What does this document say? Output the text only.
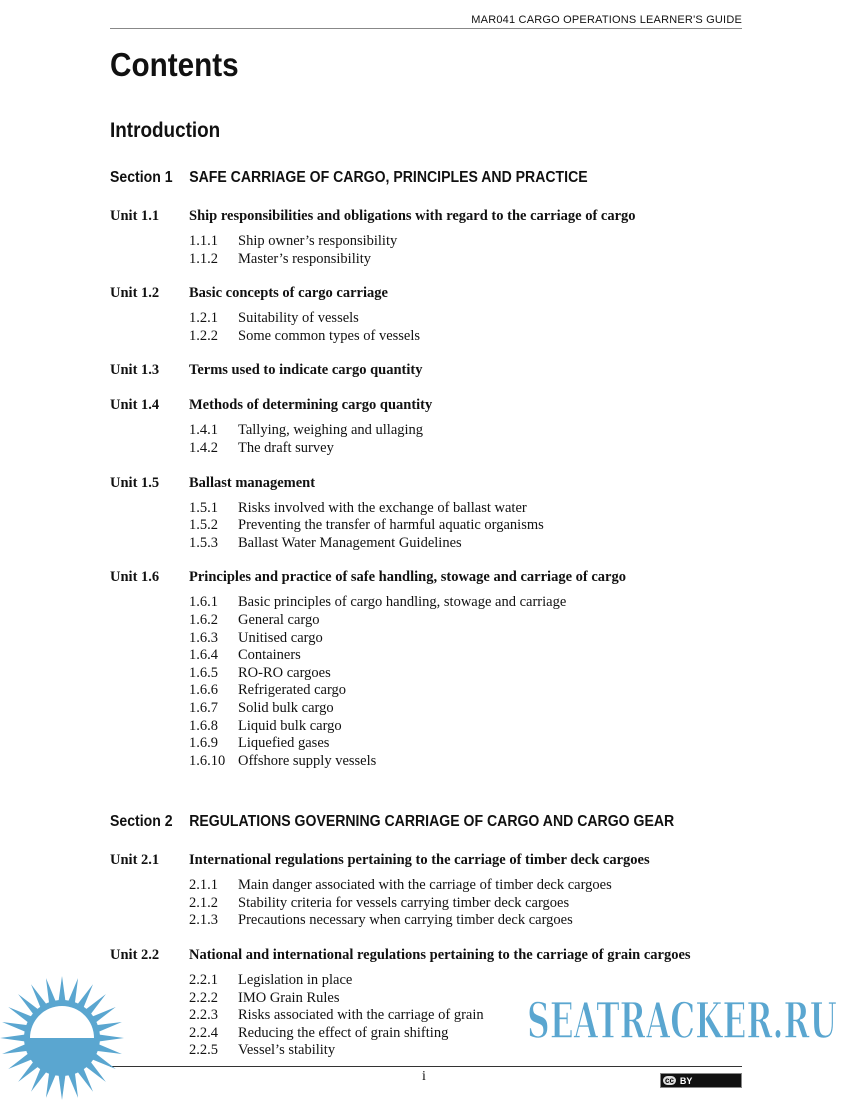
MAR041 CARGO OPERATIONS LEARNER'S GUIDE
Contents
Introduction
Section 1 SAFE CARRIAGE OF CARGO, PRINCIPLES AND PRACTICE
Unit 1.1 Ship responsibilities and obligations with regard to the carriage of cargo
1.1.1 Ship owner’s responsibility
1.1.2 Master’s responsibility
Unit 1.2 Basic concepts of cargo carriage
1.2.1 Suitability of vessels
1.2.2 Some common types of vessels
Unit 1.3 Terms used to indicate cargo quantity
Unit 1.4 Methods of determining cargo quantity
1.4.1 Tallying, weighing and ullaging
1.4.2 The draft survey
Unit 1.5 Ballast management
1.5.1 Risks involved with the exchange of ballast water
1.5.2 Preventing the transfer of harmful aquatic organisms
1.5.3 Ballast Water Management Guidelines
Unit 1.6 Principles and practice of safe handling, stowage and carriage of cargo
1.6.1 Basic principles of cargo handling, stowage and carriage
1.6.2 General cargo
1.6.3 Unitised cargo
1.6.4 Containers
1.6.5 RO-RO cargoes
1.6.6 Refrigerated cargo
1.6.7 Solid bulk cargo
1.6.8 Liquid bulk cargo
1.6.9 Liquefied gases
1.6.10 Offshore supply vessels
Section 2 REGULATIONS GOVERNING CARRIAGE OF CARGO AND CARGO GEAR
Unit 2.1 International regulations pertaining to the carriage of timber deck cargoes
2.1.1 Main danger associated with the carriage of timber deck cargoes
2.1.2 Stability criteria for vessels carrying timber deck cargoes
2.1.3 Precautions necessary when carrying timber deck cargoes
Unit 2.2 National and international regulations pertaining to the carriage of grain cargoes
2.2.1 Legislation in place
2.2.2 IMO Grain Rules
2.2.3 Risks associated with the carriage of grain
2.2.4 Reducing the effect of grain shifting
2.2.5 Vessel’s stability
i	cc BY
SEATRACKER.RU
